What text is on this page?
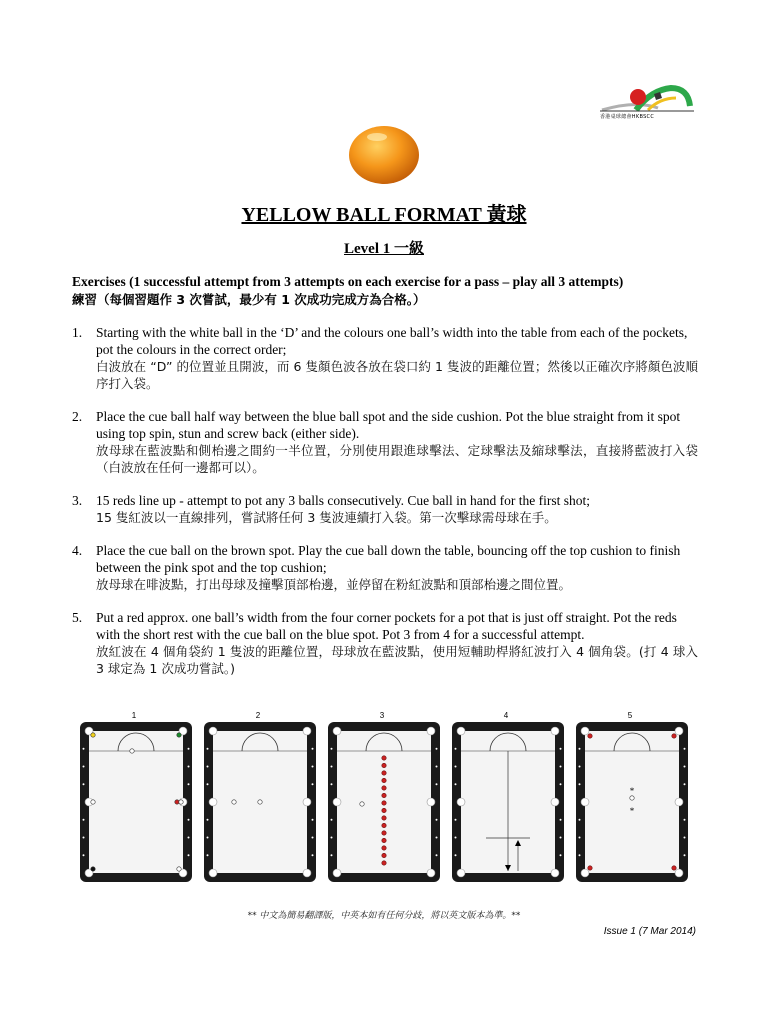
香港桌球總會HKBSCC
YELLOW BALL FORMAT 黃球
Level 1 一級
Exercises (1 successful attempt from 3 attempts on each exercise for a pass – play all 3 attempts)
練習（每個習題作 3 次嘗試，最少有 1 次成功完成方為合格。）
1. Starting with the white ball in the ‘D’ and the colours one ball’s width into the table from each of the pockets, pot the colours in the correct order;
白波放在 “D” 的位置並且開波，而 6 隻顏色波各放在袋口約 1 隻波的距離位置；然後以正確次序將顏色波順序打入袋。
2. Place the cue ball half way between the blue ball spot and the side cushion. Pot the blue straight from it spot using top spin, stun and screw back (either side).
放母球在藍波點和側枱邊之間約一半位置，分別使用跟進球擊法、定球擊法及縮球擊法，直接將藍波打入袋（白波放在任何一邊都可以）。
3. 15 reds line up - attempt to pot any 3 balls consecutively. Cue ball in hand for the first shot;
15 隻紅波以一直線排列，嘗試將任何 3 隻波連續打入袋。第一次擊球需母球在手。
4. Place the cue ball on the brown spot. Play the cue ball down the table, bouncing off the top cushion to finish between the pink spot and the top cushion;
放母球在啡波點，打出母球及撞擊頂部枱邊，並停留在粉紅波點和頂部枱邊之間位置。
5. Put a red approx. one ball’s width from the four corner pockets for a pot that is just off straight. Pot the reds with the short rest with the cue ball on the blue spot. Pot 3 from 4 for a successful attempt.
放紅波在 4 個角袋約 1 隻波的距離位置，母球放在藍波點，使用短輔助桿將紅波打入 4 個角袋。(打 4 球入 3 球定為 1 次成功嘗試。)
1	2	3	4	5
*
*
** 中文為簡易翻譯版，中英本如有任何分歧，將以英文版本為準。**
Issue 1 (7 Mar 2014)
